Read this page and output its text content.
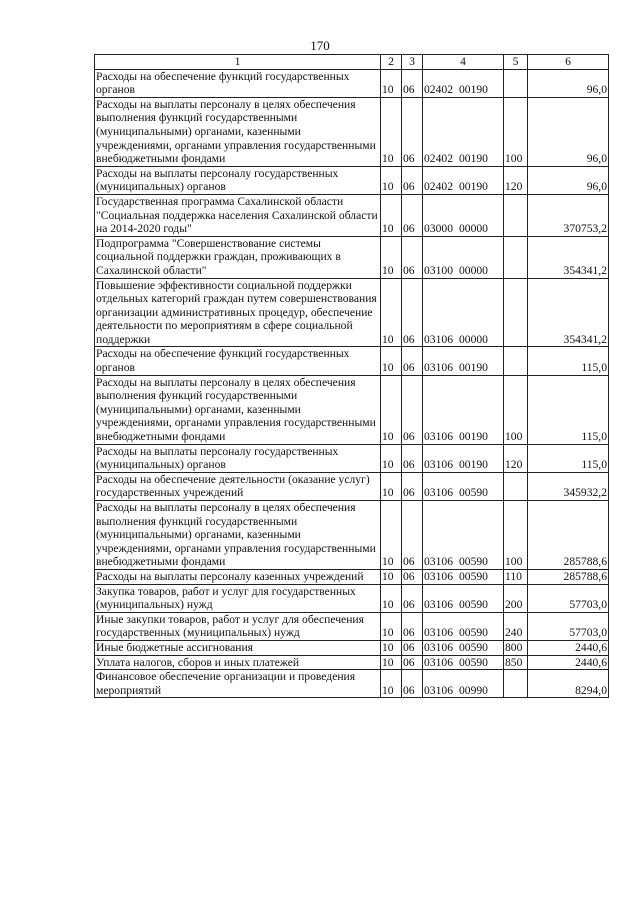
170
1	2	3	4	5	6
Расходы на обеспечение функций государственных органов	10	06	02402 00190		96,0
Расходы на выплаты персоналу в целях обеспечения выполнения функций государственными (муниципальными) органами, казенными учреждениями, органами управления государственными внебюджетными фондами	10	06	02402 00190	100	96,0
Расходы на выплаты персоналу государственных (муниципальных) органов	10	06	02402 00190	120	96,0
Государственная программа Сахалинской области "Социальная поддержка населения Сахалинской области на 2014-2020 годы"	10	06	03000 00000		370753,2
Подпрограмма "Совершенствование системы социальной поддержки граждан, проживающих в Сахалинской области"	10	06	03100 00000		354341,2
Повышение эффективности социальной поддержки отдельных категорий граждан путем совершенствования организации административных процедур, обеспечение деятельности по мероприятиям в сфере социальной поддержки	10	06	03106 00000		354341,2
Расходы на обеспечение функций государственных органов	10	06	03106 00190		115,0
Расходы на выплаты персоналу в целях обеспечения выполнения функций государственными (муниципальными) органами, казенными учреждениями, органами управления государственными внебюджетными фондами	10	06	03106 00190	100	115,0
Расходы на выплаты персоналу государственных (муниципальных) органов	10	06	03106 00190	120	115,0
Расходы на обеспечение деятельности (оказание услуг) государственных учреждений	10	06	03106 00590		345932,2
Расходы на выплаты персоналу в целях обеспечения выполнения функций государственными (муниципальными) органами, казенными учреждениями, органами управления государственными внебюджетными фондами	10	06	03106 00590	100	285788,6
Расходы на выплаты персоналу казенных учреждений	10	06	03106 00590	110	285788,6
Закупка товаров, работ и услуг для государственных (муниципальных) нужд	10	06	03106 00590	200	57703,0
Иные закупки товаров, работ и услуг для обеспечения государственных (муниципальных) нужд	10	06	03106 00590	240	57703,0
Иные бюджетные ассигнования	10	06	03106 00590	800	2440,6
Уплата налогов, сборов и иных платежей	10	06	03106 00590	850	2440,6
Финансовое обеспечение организации и проведения мероприятий	10	06	03106 00990		8294,0
